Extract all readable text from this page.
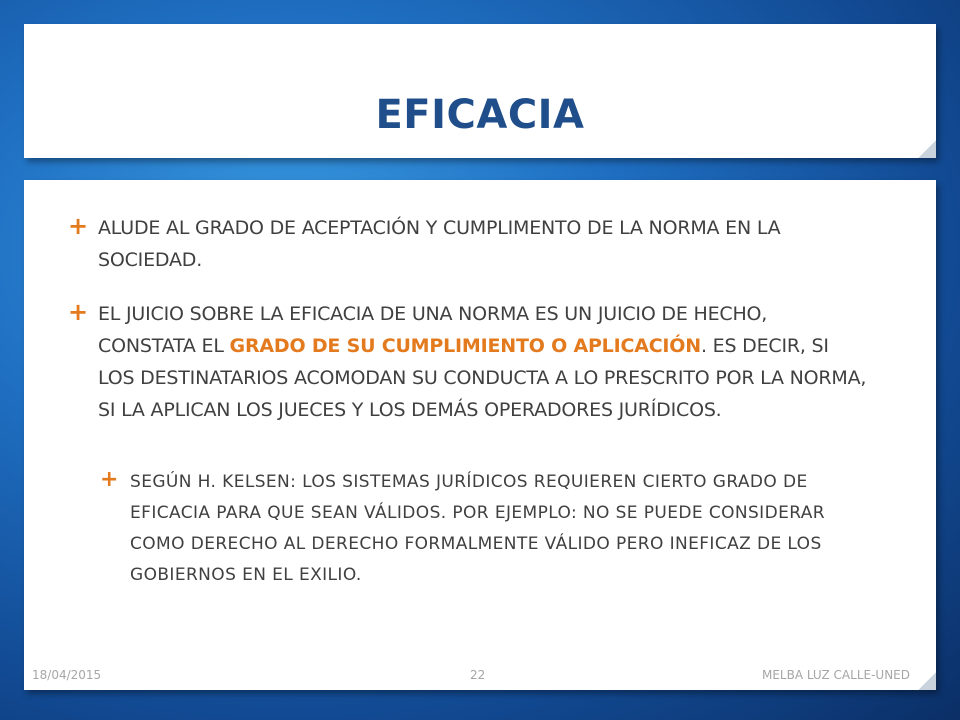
EFICACIA
+ ALUDE AL GRADO DE ACEPTACIÓN Y CUMPLIMENTO DE LA NORMA EN LA SOCIEDAD.
+ EL JUICIO SOBRE LA EFICACIA DE UNA NORMA ES UN JUICIO DE HECHO, CONSTATA EL GRADO DE SU CUMPLIMIENTO O APLICACIÓN. ES DECIR, SI LOS DESTINATARIOS ACOMODAN SU CONDUCTA A LO PRESCRITO POR LA NORMA, SI LA APLICAN LOS JUECES Y LOS DEMÁS OPERADORES JURÍDICOS.
+ SEGÚN H. KELSEN: LOS SISTEMAS JURÍDICOS REQUIEREN CIERTO GRADO DE EFICACIA PARA QUE SEAN VÁLIDOS. POR EJEMPLO: NO SE PUEDE CONSIDERAR COMO DERECHO AL DERECHO FORMALMENTE VÁLIDO PERO INEFICAZ DE LOS GOBIERNOS EN EL EXILIO.
18/04/2015	22	MELBA LUZ CALLE-UNED
